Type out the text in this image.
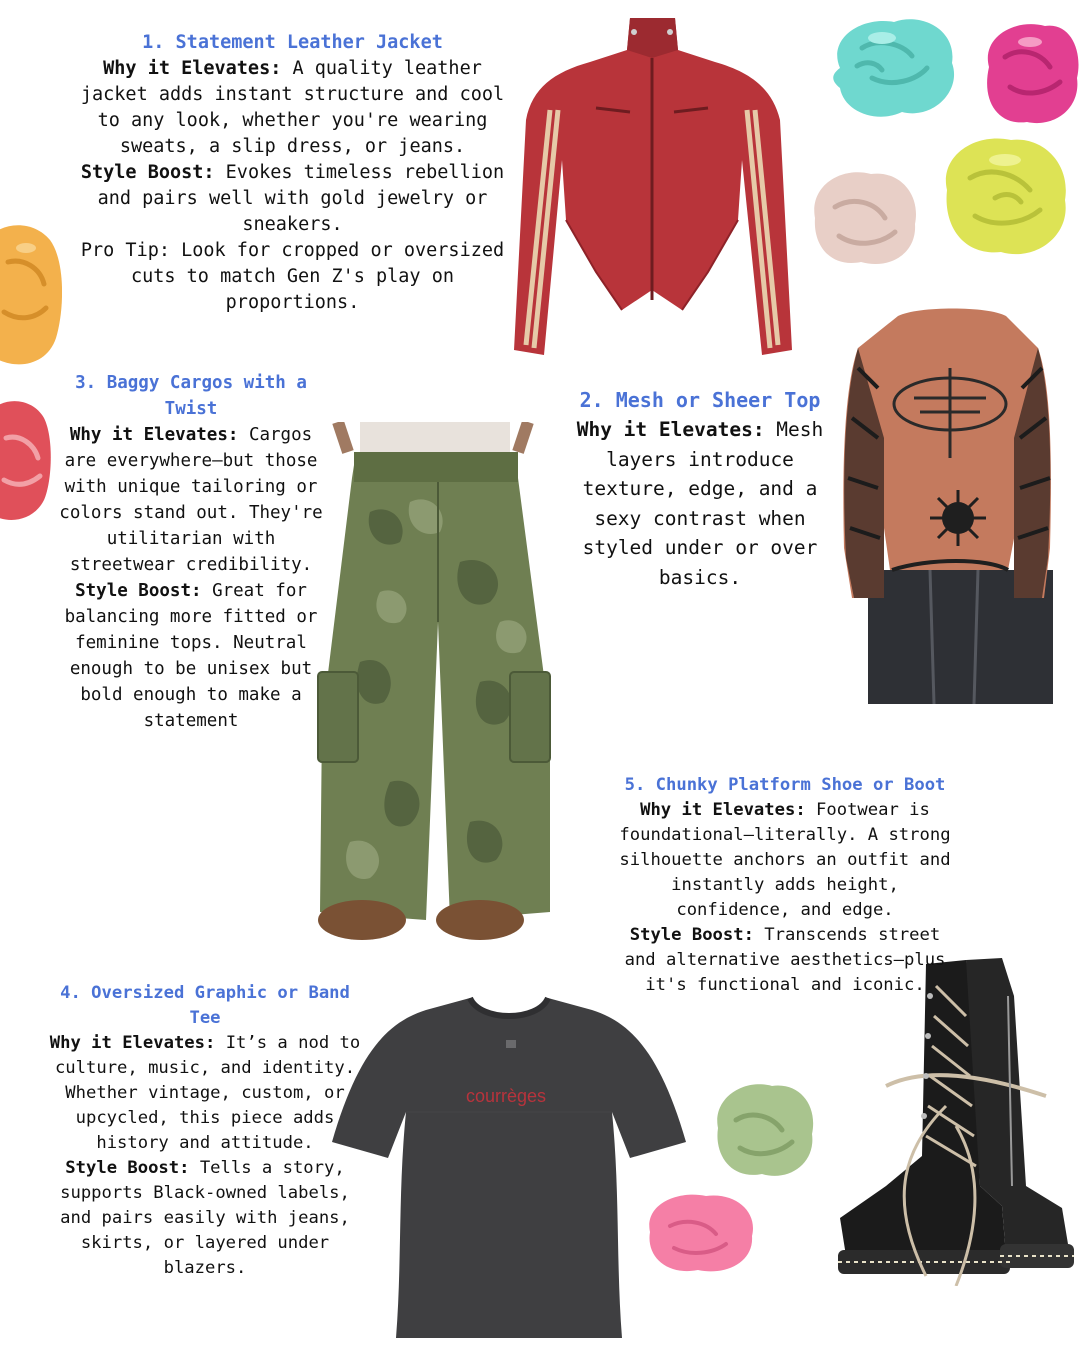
courrèges
1. Statement Leather Jacket
Why it Elevates: A quality leather jacket adds instant structure and cool to any look, whether you're wearing sweats, a slip dress, or jeans.
Style Boost: Evokes timeless rebellion and pairs well with gold jewelry or sneakers.
Pro Tip: Look for cropped or oversized cuts to match Gen Z's play on proportions.
2. Mesh or Sheer Top
Why it Elevates: Mesh layers introduce texture, edge, and a sexy contrast when styled under or over basics.
3. Baggy Cargos with a Twist
Why it Elevates: Cargos are everywhere—but those with unique tailoring or colors stand out. They're utilitarian with streetwear credibility.
Style Boost: Great for balancing more fitted or feminine tops. Neutral enough to be unisex but bold enough to make a statement
4. Oversized Graphic or Band Tee
Why it Elevates: It’s a nod to culture, music, and identity. Whether vintage, custom, or upcycled, this piece adds history and attitude.
Style Boost: Tells a story, supports Black-owned labels, and pairs easily with jeans, skirts, or layered under blazers.
5. Chunky Platform Shoe or Boot
Why it Elevates: Footwear is foundational—literally. A strong silhouette anchors an outfit and instantly adds height, confidence, and edge.
Style Boost: Transcends street and alternative aesthetics—plus it's functional and iconic.
